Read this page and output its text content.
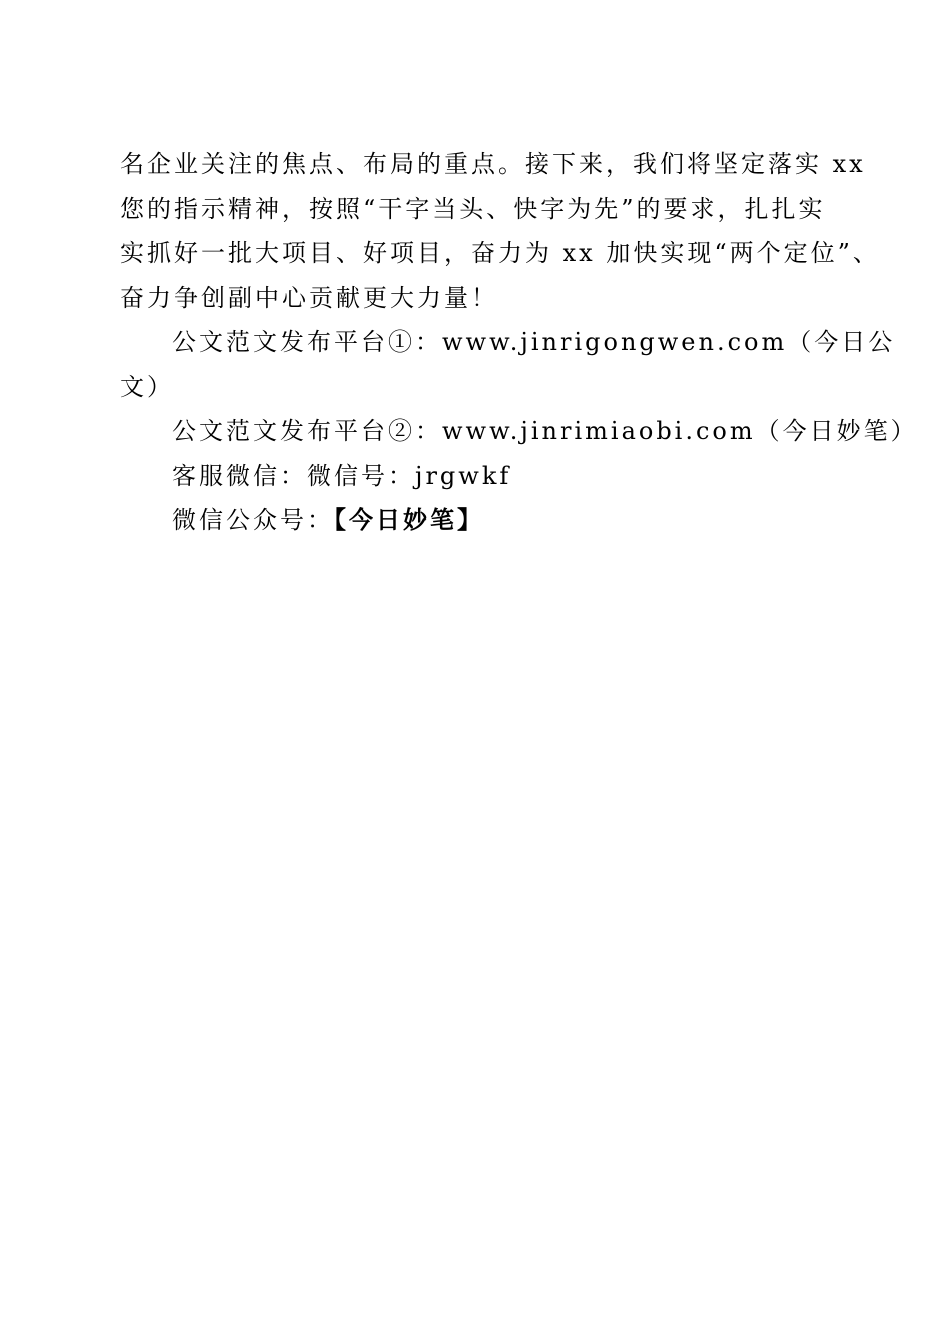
名企业关注的焦点、布局的重点。接下来，我们将坚定落实 xx
您的指示精神，按照“干字当头、快字为先”的要求，扎扎实
实抓好一批大项目、好项目，奋力为 xx 加快实现“两个定位”、
奋力争创副中心贡献更大力量！
公文范文发布平台①：www.jinrigongwen.com（今日公
文）
公文范文发布平台②：www.jinrimiaobi.com（今日妙笔）
客服微信：微信号：jrgwkf
微信公众号：【今日妙笔】
